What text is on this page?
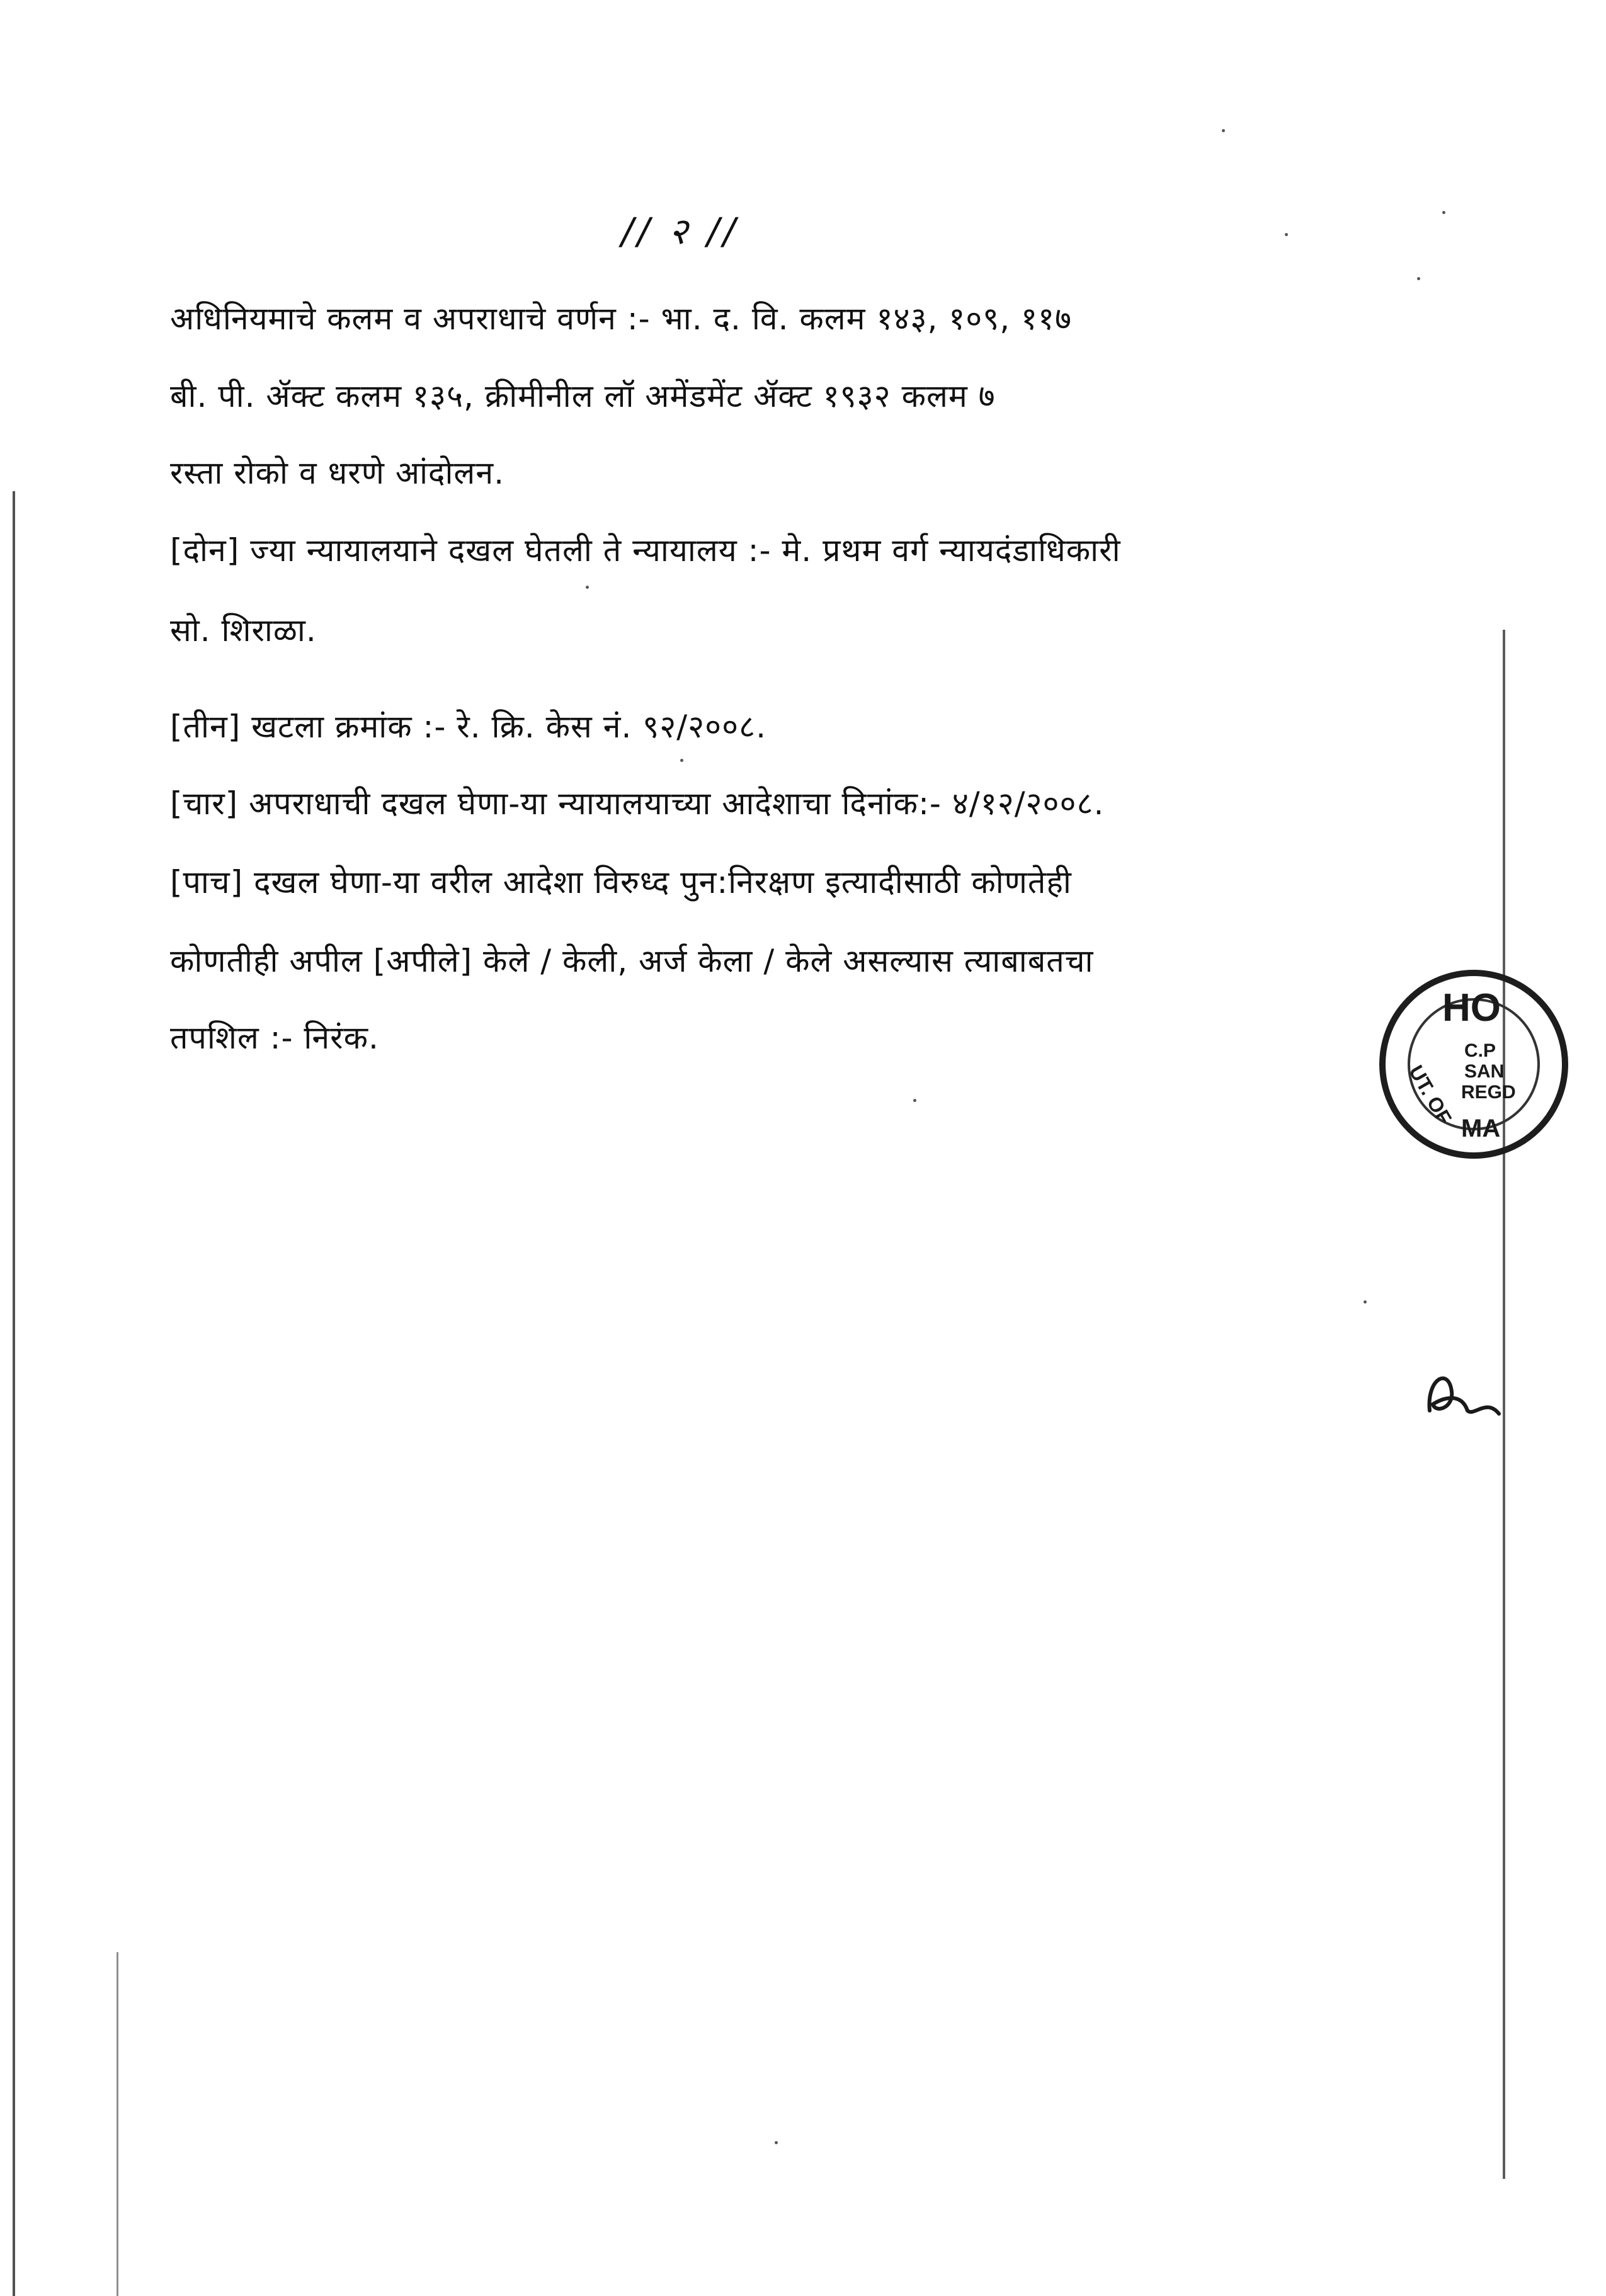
// २ //
अधिनियमाचे कलम व अपराधाचे वर्णन :- भा. द. वि. कलम १४३, १०९, ११७
बी. पी. ॲक्ट कलम १३५, क्रीमीनील लॉ अमेंडमेंट ॲक्ट १९३२ कलम ७
रस्ता रोको व धरणे आंदोलन.
[दोन] ज्या न्यायालयाने दखल घेतली ते न्यायालय :- मे. प्रथम वर्ग न्यायदंडाधिकारी
सो. शिराळा.
[तीन] खटला क्रमांक :- रे. क्रि. केस नं. ९२/२००८.
[चार] अपराधाची दखल घेणा-या न्यायालयाच्या आदेशाचा दिनांक:- ४/१२/२००८.
[पाच] दखल घेणा-या वरील आदेशा विरुध्द पुन:निरक्षण इत्यादीसाठी कोणतेही
कोणतीही अपील [अपीले] केले / केली, अर्ज केला / केले असल्यास त्याबाबतचा
तपशिल :- निरंक.
HO
C.P
SAN
REGD
MA
UT. OF
